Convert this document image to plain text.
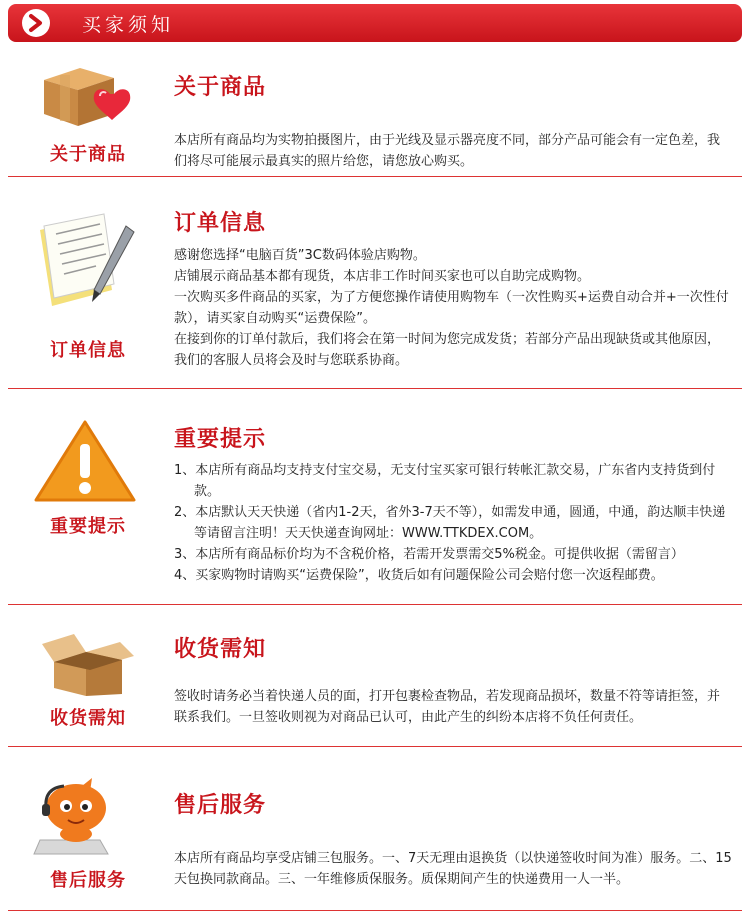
买家须知
关于商品
关于商品

本店所有商品均为实物拍摄图片，由于光线及显示器亮度不同，部分产品可能会有一定色差，我们将尽可能展示最真实的照片给您，请您放心购买。

订单信息
订单信息

感谢您选择“电脑百货”3C数码体验店购物。

店铺展示商品基本都有现货，本店非工作时间买家也可以自助完成购物。

一次购买多件商品的买家，为了方便您操作请使用购物车（一次性购买+运费自动合并+一次性付款），请买家自动购买“运费保险”。

在接到你的订单付款后，我们将会在第一时间为您完成发货；若部分产品出现缺货或其他原因，我们的客服人员将会及时与您联系协商。

重要提示
重要提示

1、本店所有商品均支持支付宝交易，无支付宝买家可银行转帐汇款交易，广东省内支持货到付款。

2、本店默认天天快递（省内1-2天，省外3-7天不等），如需发申通，圆通，中通，韵达顺丰快递等请留言注明！天天快递查询网址：WWW.TTKDEX.COM。

3、本店所有商品标价均为不含税价格，若需开发票需交5%税金。可提供收据（需留言）

4、买家购物时请购买“运费保险”，收货后如有问题保险公司会赔付您一次返程邮费。

收货需知
收货需知

签收时请务必当着快递人员的面，打开包裹检查物品，若发现商品损坏，数量不符等请拒签，并联系我们。一旦签收则视为对商品已认可，由此产生的纠纷本店将不负任何责任。

售后服务
售后服务

本店所有商品均享受店铺三包服务。一、7天无理由退换货（以快递签收时间为准）服务。二、15天包换同款商品。三、一年维修质保服务。质保期间产生的快递费用一人一半。
